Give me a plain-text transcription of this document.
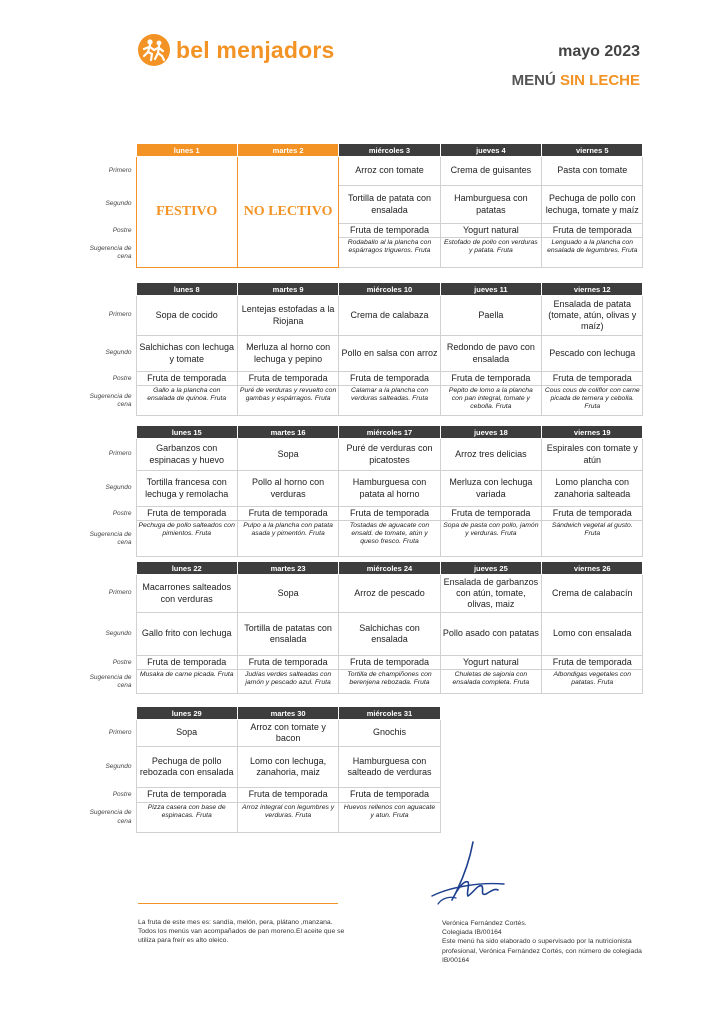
bel menjadors	mayo 2023
MENÚ SIN LECHE
	lunes 1	martes 2	miércoles 3	jueves 4	viernes 5
Primero	FESTIVO	NO LECTIVO	Arroz con tomate	Crema de guisantes	Pasta con tomate
Segundo			Tortilla de patata con ensalada	Hamburguesa con patatas	Pechuga de pollo con lechuga, tomate y maíz
Postre			Fruta de temporada	Yogurt natural	Fruta de temporada
Sugerencia de cena			Rodaballo al la plancha con espárragos trigueros. Fruta	Estofado de pollo con verduras y patata. Fruta	Lenguado a la plancha con ensalada de legumbres. Fruta
	lunes 8	martes 9	miércoles 10	jueves 11	viernes 12
Primero	Sopa de cocido	Lentejas estofadas a la Riojana	Crema de calabaza	Paella	Ensalada de patata (tomate, atún, olivas y maíz)
Segundo	Salchichas con lechuga y tomate	Merluza al horno con lechuga y pepino	Pollo en salsa con arroz	Redondo de pavo con ensalada	Pescado con lechuga
Postre	Fruta de temporada	Fruta de temporada	Fruta de temporada	Fruta de temporada	Fruta de temporada
Sugerencia de cena	Gallo a la plancha con ensalada de quinoa. Fruta	Puré de verduras y revuelto con gambas y espárragos. Fruta	Calamar a la plancha con verduras salteadas. Fruta	Pepito de lomo a la plancha con pan integral, tomate y cebolla. Fruta	Cous cous de coliflor con carne picada de ternera y cebolla. Fruta
	lunes 15	martes 16	miércoles 17	jueves 18	viernes 19
Primero	Garbanzos con espinacas y huevo	Sopa	Puré de verduras con picatostes	Arroz tres delicias	Espirales con tomate y atún
Segundo	Tortilla francesa con lechuga y remolacha	Pollo al horno con verduras	Hamburguesa con patata al horno	Merluza con lechuga variada	Lomo plancha con zanahoria salteada
Postre	Fruta de temporada	Fruta de temporada	Fruta de temporada	Fruta de temporada	Fruta de temporada
Sugerencia de cena	Pechuga de pollo salteados con pimientos. Fruta	Pulpo a la plancha con patata asada y pimentón. Fruta	Tostadas de aguacate con ensald. de tomate, atún y queso fresco. Fruta	Sopa de pasta con pollo, jamón y verduras. Fruta	Sándwich vegetal al gusto. Fruta
	lunes 22	martes 23	miércoles 24	jueves 25	viernes 26
Primero	Macarrones salteados con verduras	Sopa	Arroz de pescado	Ensalada de garbanzos con atún, tomate, olivas, maiz	Crema de calabacín
Segundo	Gallo frito con lechuga	Tortilla de patatas con ensalada	Salchichas con ensalada	Pollo asado con patatas	Lomo con ensalada
Postre	Fruta de temporada	Fruta de temporada	Fruta de temporada	Yogurt natural	Fruta de temporada
Sugerencia de cena	Musaka de carne picada. Fruta	Judías verdes salteadas con jamón y pescado azul. Fruta	Tortilla de champiñones con berenjena rebozada. Fruta	Chuletas de sajonia con ensalada completa. Fruta	Albondigas vegetales con patatas. Fruta
	lunes 29	martes 30	miércoles 31		
Primero	Sopa	Arroz con tomate y bacon	Gnochis		
Segundo	Pechuga de pollo rebozada con ensalada	Lomo con lechuga, zanahoria, maiz	Hamburguesa con salteado de verduras		
Postre	Fruta de temporada	Fruta de temporada	Fruta de temporada		
Sugerencia de cena	Pizza casera con base de espinacas. Fruta	Arroz integral con legumbres y verduras. Fruta	Huevos rellenos con aguacate y atun. Fruta		
La fruta de este mes es: sandía, melón, pera, plátano ,manzana. Todos los menús van acompañados de pan moreno.El aceite que se utiliza para freír es alto oleico.
Verónica Fernández Cortés.
Colegiada IB/00164
Este menú ha sido elaborado o supervisado por la nutricionista profesional, Verónica Fernández Cortés, con número de colegiada IB/00164
